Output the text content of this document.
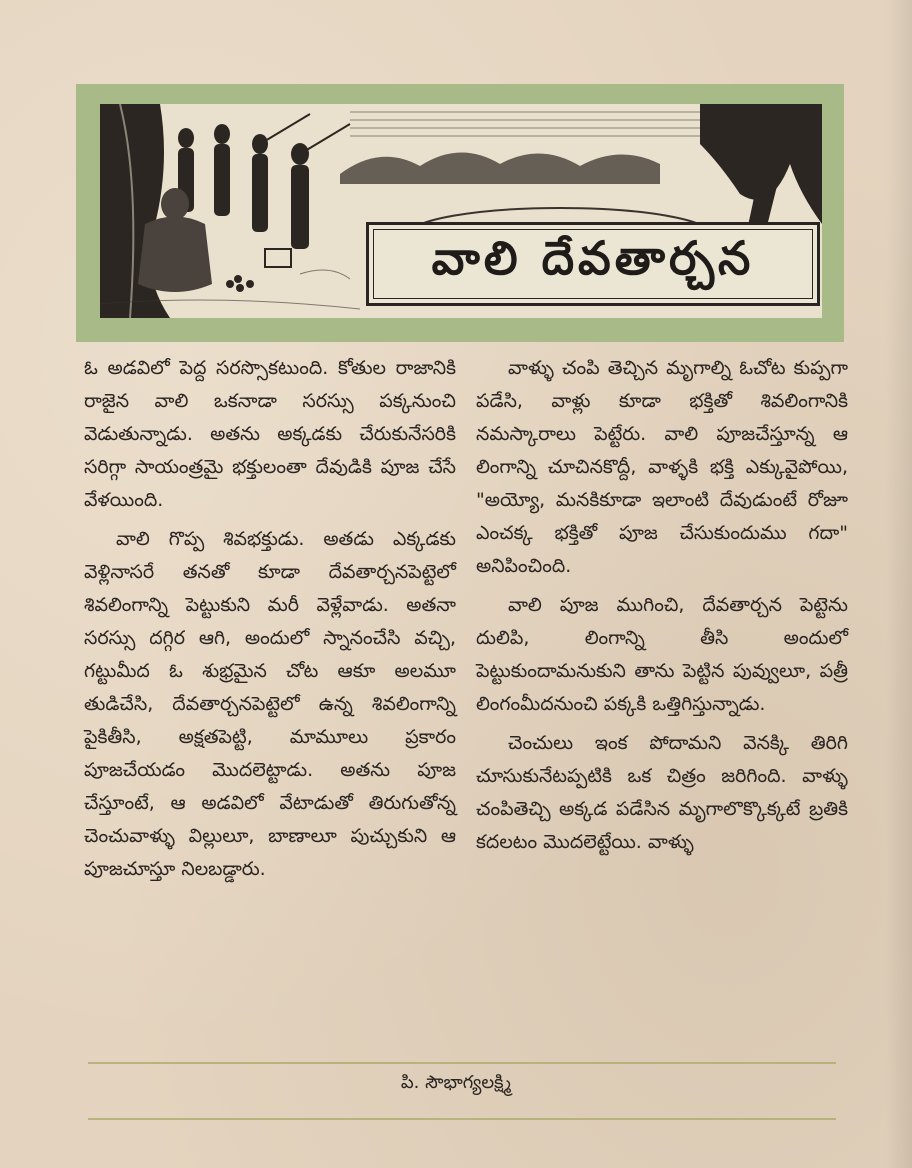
వాలి దేవతార్చన

ఓ అడవిలో పెద్ద సరస్సొకటుంది. కోతుల రాజానికి రాజైన వాలి ఒకనాడా సరస్సు పక్కనుంచి వెడుతున్నాడు. అతను అక్కడకు చేరుకునేసరికి సరిగ్గా సాయంత్రమై భక్తులంతా దేవుడికి పూజ చేసే వేళయింది.

వాలి గొప్ప శివభక్తుడు. అతడు ఎక్కడకు వెళ్లినాసరే తనతో కూడా దేవతార్చనపెట్టెలో శివలింగాన్ని పెట్టుకుని మరీ వెళ్లేవాడు. అతనా సరస్సు దగ్గిర ఆగి, అందులో స్నానంచేసి వచ్చి, గట్టుమీద ఓ శుభ్రమైన చోట ఆకూ అలమూ తుడిచేసి, దేవతార్చనపెట్టెలో ఉన్న శివలింగాన్ని పైకితీసి, అక్షతపెట్టి, మామూలు ప్రకారం పూజచేయడం మొదలెట్టాడు. అతను పూజ చేస్తూంటే, ఆ అడవిలో వేటాడుతో తిరుగుతోన్న చెంచువాళ్ళు విల్లులూ, బాణాలూ పుచ్చుకుని ఆ పూజచూస్తూ నిలబడ్డారు.

వాళ్ళు చంపి తెచ్చిన మృగాల్ని ఓచోట కుప్పగా పడేసి, వాళ్లు కూడా భక్తితో శివలింగానికి నమస్కారాలు పెట్టేరు. వాలి పూజచేస్తూన్న ఆ లింగాన్ని చూచినకొద్దీ, వాళ్ళకి భక్తి ఎక్కువైపోయి, "అయ్యో, మనకికూడా ఇలాంటి దేవుడుంటే రోజూ ఎంచక్క భక్తితో పూజ చేసుకుందుము గదా" అనిపించింది.

వాలి పూజ ముగించి, దేవతార్చన పెట్టెను దులిపి, లింగాన్ని తీసి అందులో పెట్టుకుందామనుకుని తాను పెట్టిన పువ్వులూ, పత్రీ లింగంమీదనుంచి పక్కకి ఒత్తిగిస్తున్నాడు.

చెంచులు ఇంక పోదామని వెనక్కి తిరిగి చూసుకునేటప్పటికి ఒక చిత్రం జరిగింది. వాళ్ళు చంపితెచ్చి అక్కడ పడేసిన మృగాలొక్కొక్కటే బ్రతికి కదలటం మొదలెట్టేయి. వాళ్ళు

పి. సౌభాగ్యలక్ష్మి
